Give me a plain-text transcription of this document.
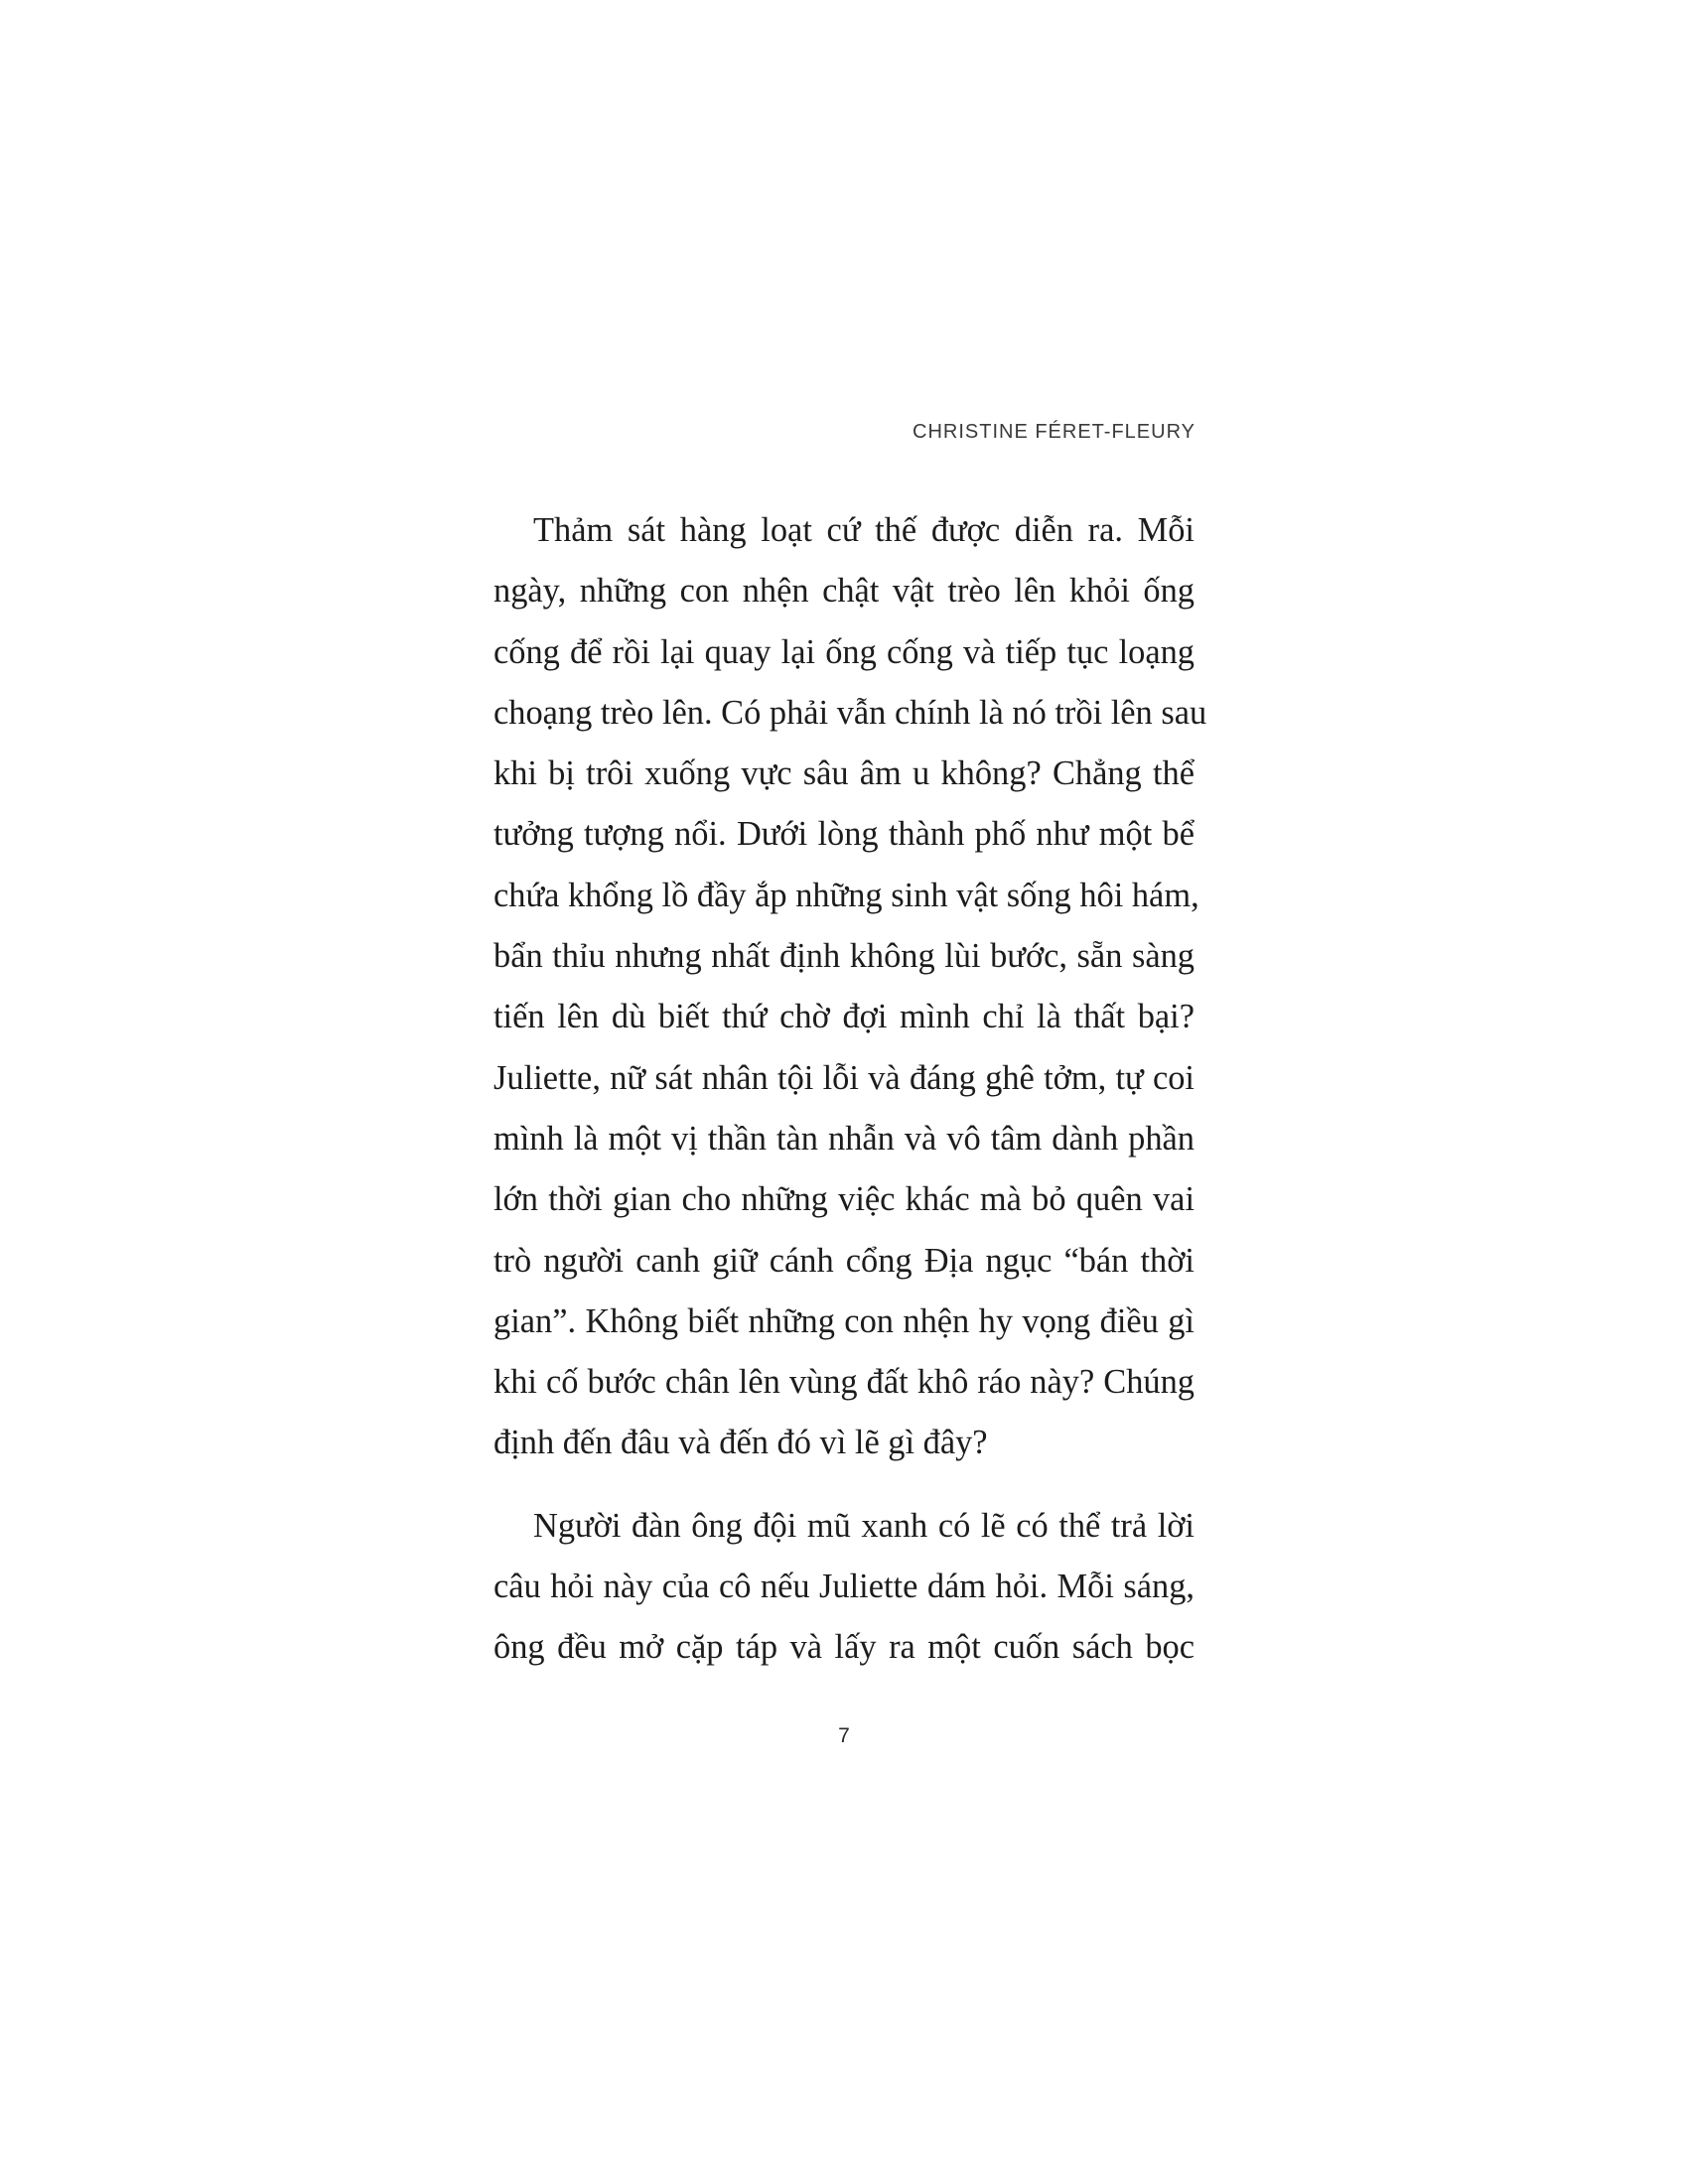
CHRISTINE FÉRET-FLEURY
Thảm sát hàng loạt cứ thế được diễn ra. Mỗi
ngày, những con nhện chật vật trèo lên khỏi ống
cống để rồi lại quay lại ống cống và tiếp tục loạng
choạng trèo lên. Có phải vẫn chính là nó trồi lên sau
khi bị trôi xuống vực sâu âm u không? Chẳng thể
tưởng tượng nổi. Dưới lòng thành phố như một bể
chứa khổng lồ đầy ắp những sinh vật sống hôi hám,
bẩn thỉu nhưng nhất định không lùi bước, sẵn sàng
tiến lên dù biết thứ chờ đợi mình chỉ là thất bại?
Juliette, nữ sát nhân tội lỗi và đáng ghê tởm, tự coi
mình là một vị thần tàn nhẫn và vô tâm dành phần
lớn thời gian cho những việc khác mà bỏ quên vai
trò người canh giữ cánh cổng Địa ngục “bán thời
gian”. Không biết những con nhện hy vọng điều gì
khi cố bước chân lên vùng đất khô ráo này? Chúng
định đến đâu và đến đó vì lẽ gì đây?
Người đàn ông đội mũ xanh có lẽ có thể trả lời
câu hỏi này của cô nếu Juliette dám hỏi. Mỗi sáng,
ông đều mở cặp táp và lấy ra một cuốn sách bọc
7
